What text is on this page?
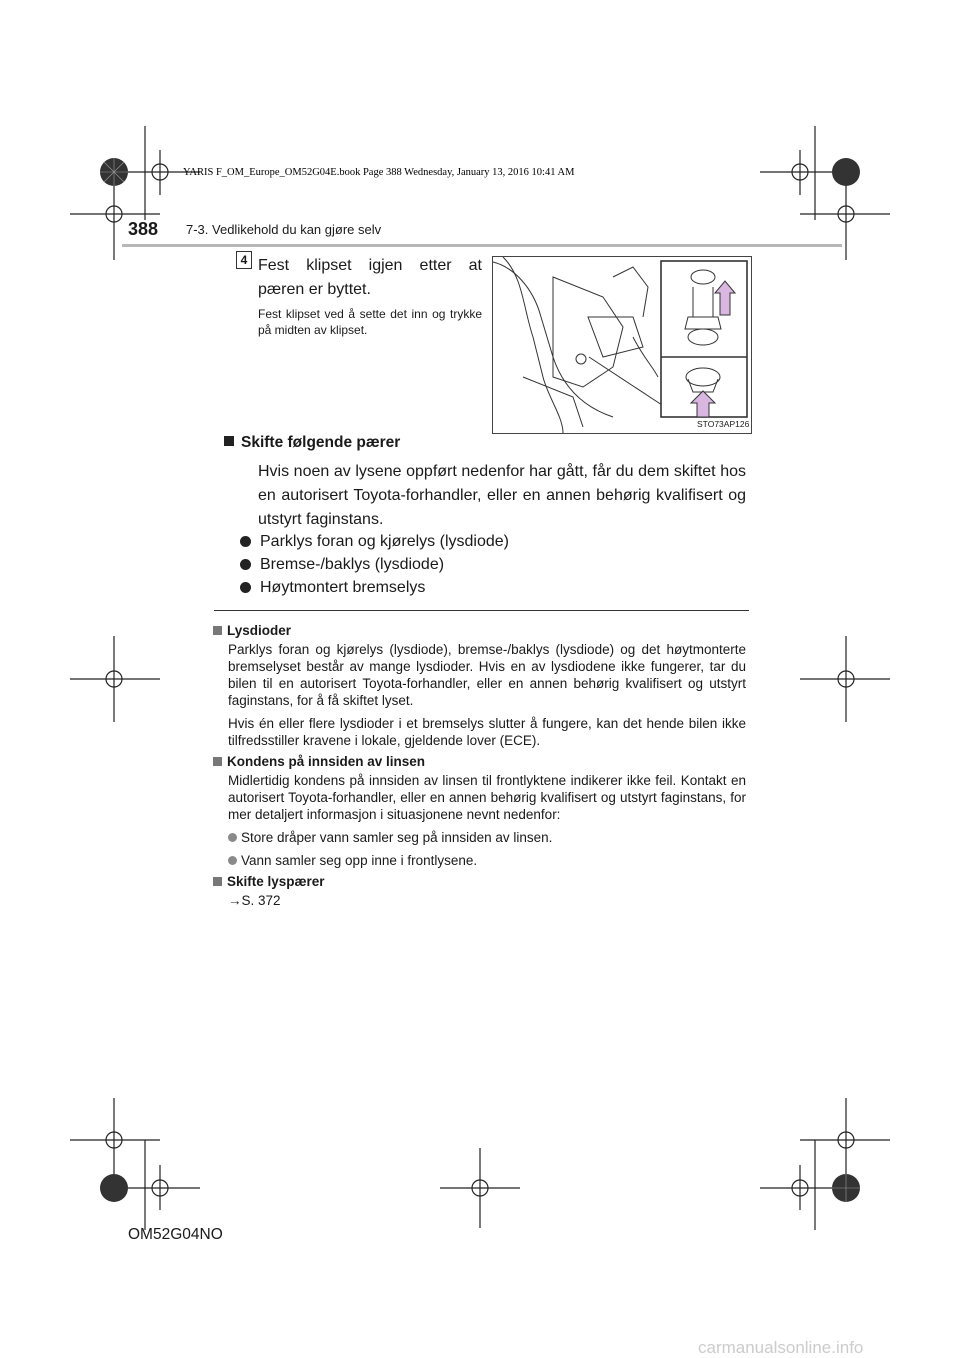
YARIS F_OM_Europe_OM52G04E.book Page 388 Wednesday, January 13, 2016 10:41 AM
388 7-3. Vedlikehold du kan gjøre selv
4 Fest klipset igjen etter at pæren er byttet.
Fest klipset ved å sette det inn og trykke på midten av klipset.
STO73AP126
Skifte følgende pærer
Hvis noen av lysene oppført nedenfor har gått, får du dem skiftet hos en autorisert Toyota-forhandler, eller en annen behørig kvalifisert og utstyrt faginstans.
Parklys foran og kjørelys (lysdiode)
Bremse-/baklys (lysdiode)
Høytmontert bremselys
Lysdioder
Parklys foran og kjørelys (lysdiode), bremse-/baklys (lysdiode) og det høytmonterte bremselyset består av mange lysdioder. Hvis en av lysdiodene ikke fungerer, tar du bilen til en autorisert Toyota-forhandler, eller en annen behørig kvalifisert og utstyrt faginstans, for å få skiftet lyset.
Hvis én eller flere lysdioder i et bremselys slutter å fungere, kan det hende bilen ikke tilfredsstiller kravene i lokale, gjeldende lover (ECE).
Kondens på innsiden av linsen
Midlertidig kondens på innsiden av linsen til frontlyktene indikerer ikke feil. Kontakt en autorisert Toyota-forhandler, eller en annen behørig kvalifisert og utstyrt faginstans, for mer detaljert informasjon i situasjonene nevnt nedenfor:
Store dråper vann samler seg på innsiden av linsen.
Vann samler seg opp inne i frontlysene.
Skifte lyspærer
→S. 372
OM52G04NO
carmanualsonline.info
